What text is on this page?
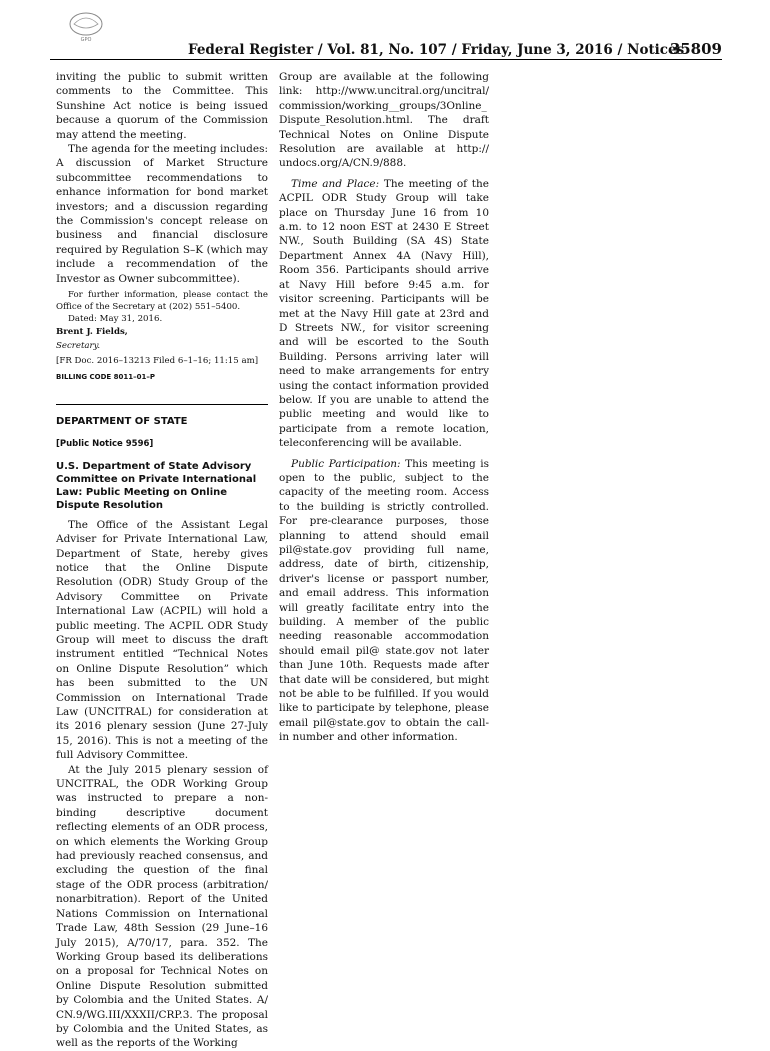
GPO
Federal Register / Vol. 81, No. 107 / Friday, June 3, 2016 / Notices
35809

inviting the public to submit written comments to the Committee. This Sunshine Act notice is being issued because a quorum of the Commission may attend the meeting.

The agenda for the meeting includes: A discussion of Market Structure subcommittee recommendations to enhance information for bond market investors; and a discussion regarding the Commission's concept release on business and financial disclosure required by Regulation S–K (which may include a recommendation of the Investor as Owner subcommittee).

For further information, please contact the Office of the Secretary at (202) 551–5400.

Dated: May 31, 2016.

Brent J. Fields,

Secretary.

[FR Doc. 2016–13213 Filed 6–1–16; 11:15 am]

BILLING CODE 8011–01–P

DEPARTMENT OF STATE
[Public Notice 9596]
U.S. Department of State Advisory Committee on Private International Law: Public Meeting on Online Dispute Resolution

The Office of the Assistant Legal Adviser for Private International Law, Department of State, hereby gives notice that the Online Dispute Resolution (ODR) Study Group of the Advisory Committee on Private International Law (ACPIL) will hold a public meeting. The ACPIL ODR Study Group will meet to discuss the draft instrument entitled “Technical Notes on Online Dispute Resolution” which has been submitted to the UN Commission on International Trade Law (UNCITRAL) for consideration at its 2016 plenary session (June 27-July 15, 2016). This is not a meeting of the full Advisory Committee.

At the July 2015 plenary session of UNCITRAL, the ODR Working Group was instructed to prepare a non-binding descriptive document reflecting elements of an ODR process, on which elements the Working Group had previously reached consensus, and excluding the question of the final stage of the ODR process (arbitration/ nonarbitration). Report of the United Nations Commission on International Trade Law, 48th Session (29 June–16 July 2015), A/70/17, para. 352. The Working Group based its deliberations on a proposal for Technical Notes on Online Dispute Resolution submitted by Colombia and the United States. A/ CN.9/WG.III/XXXII/CRP.3. The proposal by Colombia and the United States, as well as the reports of the Working

Group are available at the following link: http://www.uncitral.org/uncitral/ commission/working__groups/3Online_ Dispute_Resolution.html. The draft Technical Notes on Online Dispute Resolution are available at http:// undocs.org/A/CN.9/888.

Time and Place: The meeting of the ACPIL ODR Study Group will take place on Thursday June 16 from 10 a.m. to 12 noon EST at 2430 E Street NW., South Building (SA 4S) State Department Annex 4A (Navy Hill), Room 356. Participants should arrive at Navy Hill before 9:45 a.m. for visitor screening. Participants will be met at the Navy Hill gate at 23rd and D Streets NW., for visitor screening and will be escorted to the South Building. Persons arriving later will need to make arrangements for entry using the contact information provided below. If you are unable to attend the public meeting and would like to participate from a remote location, teleconferencing will be available.

Public Participation: This meeting is open to the public, subject to the capacity of the meeting room. Access to the building is strictly controlled. For pre-clearance purposes, those planning to attend should email pil@state.gov providing full name, address, date of birth, citizenship, driver's license or passport number, and email address. This information will greatly facilitate entry into the building. A member of the public needing reasonable accommodation should email pil@ state.gov not later than June 10th. Requests made after that date will be considered, but might not be able to be fulfilled. If you would like to participate by telephone, please email pil@state.gov to obtain the call-in number and other information.
